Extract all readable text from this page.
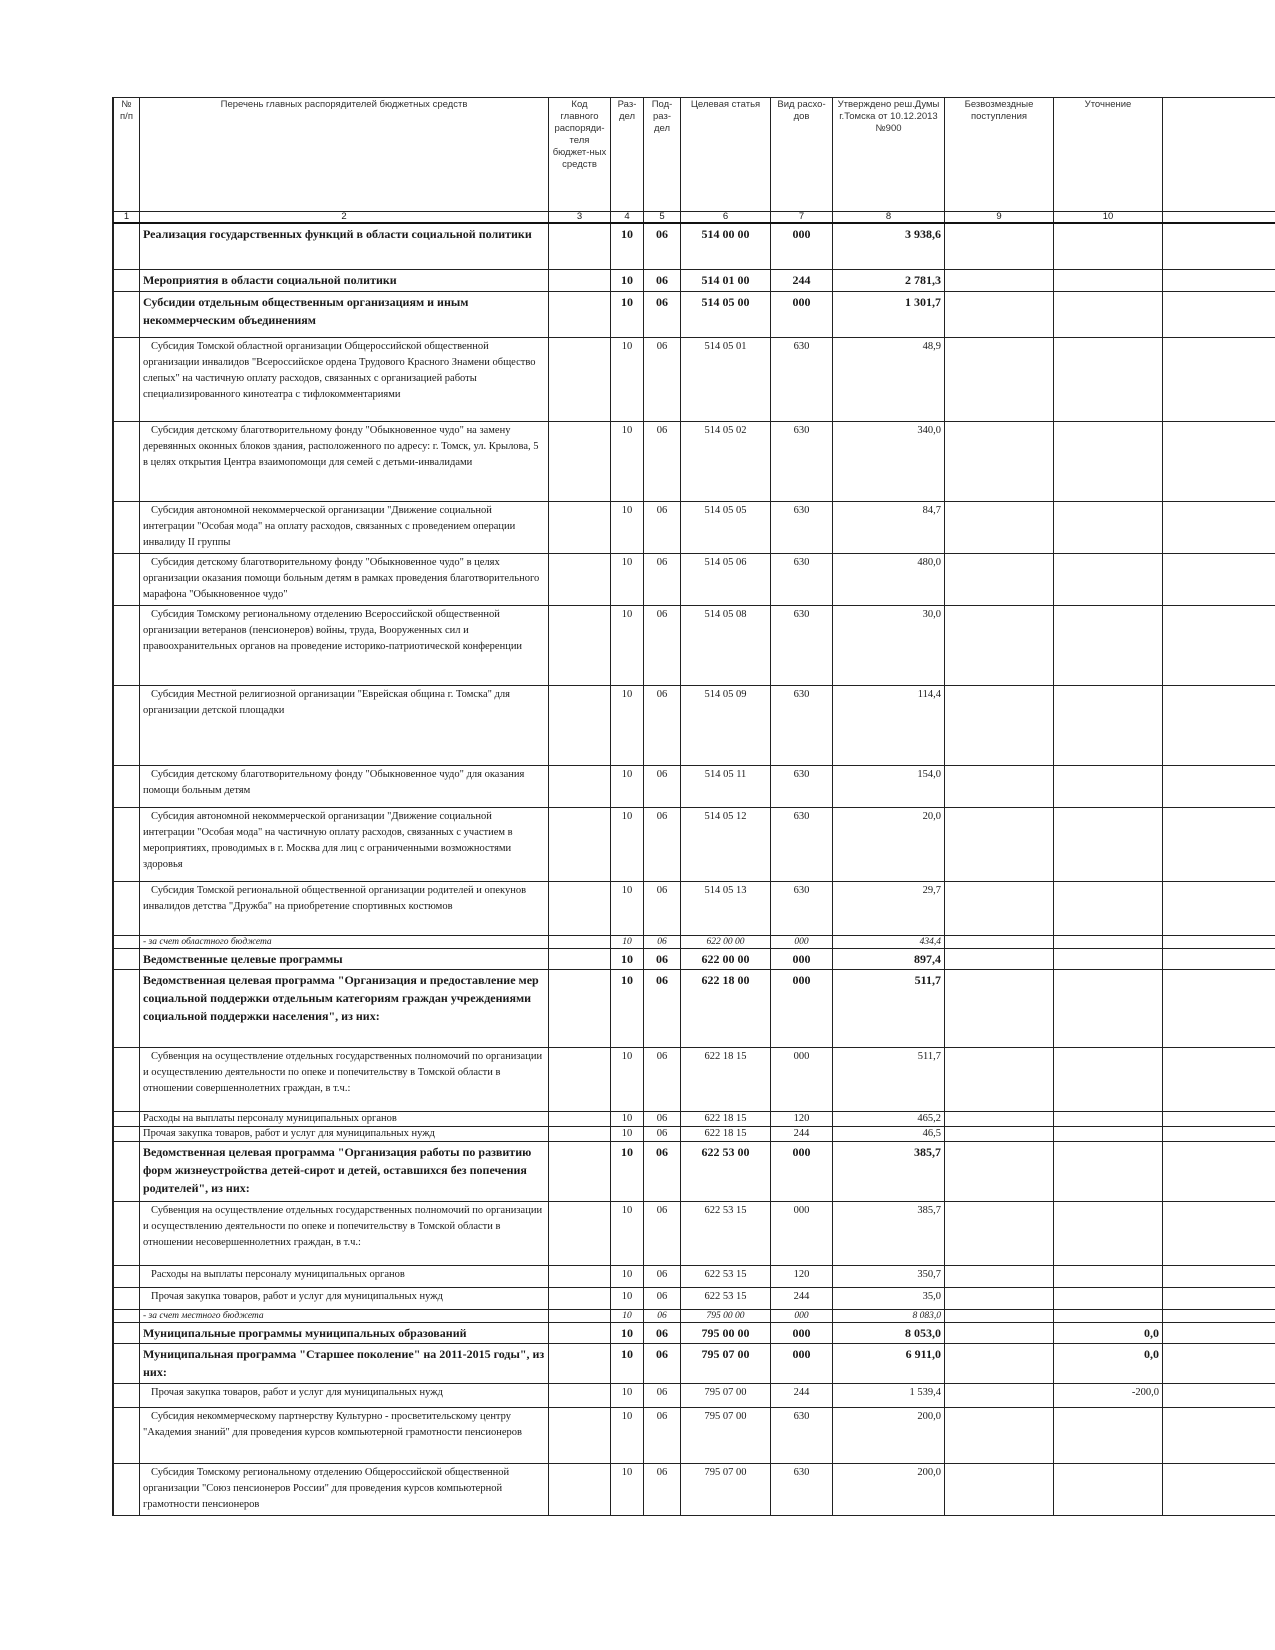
№ п/п	Перечень главных распорядителей бюджетных средств	Код главного распоряди-теля бюджет-ных средств	Раз-дел	Под-раз-дел	Целевая статья	Вид расхо-дов	Утверждено реш.Думы г.Томска от 10.12.2013 №900	Безвозмездные поступления	Уточнение	
1	2	3	4	5	6	7	8	9	10	
	Реализация государственных функций в области социальной политики		10	06	514 00 00	000	3 938,6			
	Мероприятия в области социальной политики		10	06	514 01 00	244	2 781,3			
	Субсидии отдельным общественным организациям и иным некоммерческим объединениям		10	06	514 05 00	000	1 301,7			
	Субсидия Томской областной организации Общероссийской общественной организации инвалидов "Всероссийское ордена Трудового Красного Знамени общество слепых" на частичную оплату расходов, связанных с организацией работы специализированного кинотеатра с тифлокомментариями		10	06	514 05 01	630	48,9			
	Субсидия детскому благотворительному фонду "Обыкновенное чудо" на замену деревянных оконных блоков здания, расположенного по адресу: г. Томск, ул. Крылова, 5 в целях открытия Центра взаимопомощи для семей с детьми-инвалидами		10	06	514 05 02	630	340,0			
	Субсидия автономной некоммерческой организации "Движение социальной интеграции "Особая мода" на оплату расходов, связанных с проведением операции инвалиду II группы		10	06	514 05 05	630	84,7			
	Субсидия детскому благотворительному фонду "Обыкновенное чудо" в целях организации оказания помощи больным детям в рамках проведения благотворительного марафона "Обыкновенное чудо"		10	06	514 05 06	630	480,0			
	Субсидия Томскому региональному отделению Всероссийской общественной организации ветеранов (пенсионеров) войны, труда, Вооруженных сил и правоохранительных органов на проведение историко-патриотической конференции		10	06	514 05 08	630	30,0			
	Субсидия Местной религиозной организации "Еврейская община г. Томска" для организации детской площадки		10	06	514 05 09	630	114,4			
	Субсидия детскому благотворительному фонду "Обыкновенное чудо" для оказания помощи больным детям		10	06	514 05 11	630	154,0			
	Субсидия автономной некоммерческой организации "Движение социальной интеграции "Особая мода" на частичную оплату расходов, связанных с участием в мероприятиях, проводимых в г. Москва для лиц с ограниченными возможностями здоровья		10	06	514 05 12	630	20,0			
	Субсидия Томской региональной общественной организации родителей и опекунов инвалидов детства "Дружба" на приобретение спортивных костюмов		10	06	514 05 13	630	29,7			
	- за счет областного бюджета		10	06	622 00 00	000	434,4			
	Ведомственные целевые программы		10	06	622 00 00	000	897,4			
	Ведомственная целевая программа "Организация и предоставление мер социальной поддержки отдельным категориям граждан учреждениями социальной поддержки населения", из них:		10	06	622 18 00	000	511,7			
	Субвенция на осуществление отдельных государственных полномочий по организации и осуществлению деятельности по опеке и попечительству в Томской области в отношении совершеннолетних граждан, в т.ч.:		10	06	622 18 15	000	511,7			
	Расходы на выплаты персоналу муниципальных органов		10	06	622 18 15	120	465,2			
	Прочая закупка товаров, работ и услуг для муниципальных нужд		10	06	622 18 15	244	46,5			
	Ведомственная целевая программа "Организация работы по развитию форм жизнеустройства детей-сирот и детей, оставшихся без попечения родителей", из них:		10	06	622 53 00	000	385,7			
	Субвенция на осуществление отдельных государственных полномочий по организации и осуществлению деятельности по опеке и попечительству в Томской области в отношении несовершеннолетних граждан, в т.ч.:		10	06	622 53 15	000	385,7			
	Расходы на выплаты персоналу муниципальных органов		10	06	622 53 15	120	350,7			
	Прочая закупка товаров, работ и услуг для муниципальных нужд		10	06	622 53 15	244	35,0			
	- за счет местного бюджета		10	06	795 00 00	000	8 083,0			
	Муниципальные программы муниципальных образований		10	06	795 00 00	000	8 053,0		0,0	
	Муниципальная программа "Старшее поколение" на 2011-2015 годы", из них:		10	06	795 07 00	000	6 911,0		0,0	
	Прочая закупка товаров, работ и услуг для муниципальных нужд		10	06	795 07 00	244	1 539,4		-200,0	
	Субсидия некоммерческому партнерству Культурно - просветительскому центру "Академия знаний" для проведения курсов компьютерной грамотности пенсионеров		10	06	795 07 00	630	200,0			
	Субсидия Томскому региональному отделению Общероссийской общественной организации "Союз пенсионеров России" для проведения курсов компьютерной грамотности пенсионеров		10	06	795 07 00	630	200,0			
